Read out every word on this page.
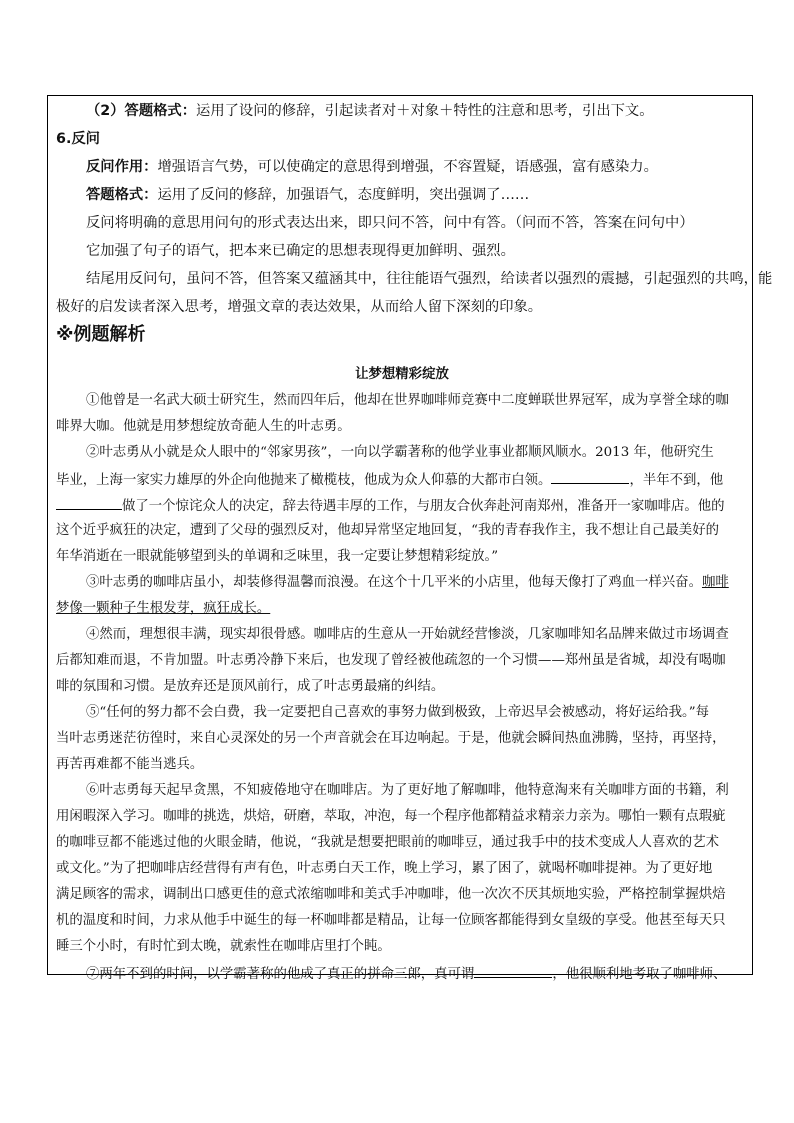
（2）答题格式：运用了设问的修辞，引起读者对＋对象＋特性的注意和思考，引出下文。
6.反问
反问作用：增强语言气势，可以使确定的意思得到增强，不容置疑，语感强，富有感染力。
答题格式：运用了反问的修辞，加强语气，态度鲜明，突出强调了……
反问将明确的意思用问句的形式表达出来，即只问不答，问中有答。（问而不答，答案在问句中）
它加强了句子的语气，把本来已确定的思想表现得更加鲜明、强烈。
结尾用反问句，虽问不答，但答案又蕴涵其中，往往能语气强烈，给读者以强烈的震撼，引起强烈的共鸣，能
极好的启发读者深入思考，增强文章的表达效果，从而给人留下深刻的印象。
※例题解析
让梦想精彩绽放
①他曾是一名武大硕士研究生，然而四年后，他却在世界咖啡师竞赛中二度蝉联世界冠军，成为享誉全球的咖
啡界大咖。他就是用梦想绽放奇葩人生的叶志勇。
②叶志勇从小就是众人眼中的“邻家男孩”，一向以学霸著称的他学业事业都顺风顺水。2013 年，他研究生
毕业，上海一家实力雄厚的外企向他抛来了橄榄枝，他成为众人仰慕的大都市白领。	，半年不到，他
做了一个惊诧众人的决定，辞去待遇丰厚的工作，与朋友合伙奔赴河南郑州，准备开一家咖啡店。他的
这个近乎疯狂的决定，遭到了父母的强烈反对，他却异常坚定地回复，“我的青春我作主，我不想让自己最美好的
年华消逝在一眼就能够望到头的单调和乏味里，我一定要让梦想精彩绽放。”
③叶志勇的咖啡店虽小，却装修得温馨而浪漫。在这个十几平米的小店里，他每天像打了鸡血一样兴奋。咖啡
梦像一颗种子生根发芽，疯狂成长。
④然而，理想很丰满，现实却很骨感。咖啡店的生意从一开始就经营惨淡，几家咖啡知名品牌来做过市场调查
后都知难而退，不肯加盟。叶志勇冷静下来后，也发现了曾经被他疏忽的一个习惯——郑州虽是省城，却没有喝咖
啡的氛围和习惯。是放弃还是顶风前行，成了叶志勇最痛的纠结。
⑤“任何的努力都不会白费，我一定要把自己喜欢的事努力做到极致，上帝迟早会被感动，将好运给我。”每
当叶志勇迷茫彷徨时，来自心灵深处的另一个声音就会在耳边响起。于是，他就会瞬间热血沸腾，坚持，再坚持，
再苦再难都不能当逃兵。
⑥叶志勇每天起早贪黑，不知疲倦地守在咖啡店。为了更好地了解咖啡，他特意淘来有关咖啡方面的书籍，利
用闲暇深入学习。咖啡的挑选，烘焙，研磨，萃取，冲泡，每一个程序他都精益求精亲力亲为。哪怕一颗有点瑕疵
的咖啡豆都不能逃过他的火眼金睛，他说，“我就是想要把眼前的咖啡豆，通过我手中的技术变成人人喜欢的艺术
或文化。”为了把咖啡店经营得有声有色，叶志勇白天工作，晚上学习，累了困了，就喝杯咖啡提神。为了更好地
满足顾客的需求，调制出口感更佳的意式浓缩咖啡和美式手冲咖啡，他一次次不厌其烦地实验，严格控制掌握烘焙
机的温度和时间，力求从他手中诞生的每一杯咖啡都是精品，让每一位顾客都能得到女皇级的享受。他甚至每天只
睡三个小时，有时忙到太晚，就索性在咖啡店里打个盹。
⑦两年不到的时间，以学霸著称的他成了真正的拼命三郎，真可谓	，他很顺利地考取了咖啡师、
